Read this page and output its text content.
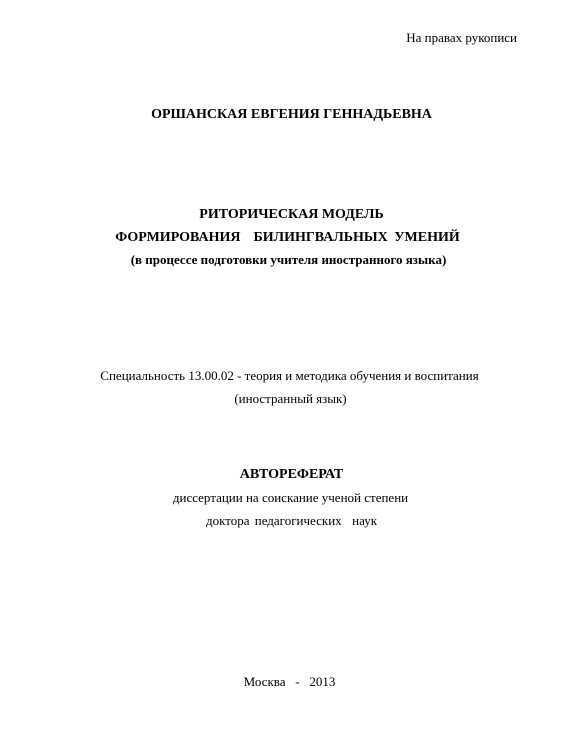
На правах рукописи
ОРШАНСКАЯ ЕВГЕНИЯ ГЕННАДЬЕВНА
РИТОРИЧЕСКАЯ МОДЕЛЬ
ФОРМИРОВАНИЯ  БИЛИНГВАЛЬНЫХ УМЕНИЙ
(в процессе подготовки учителя иностранного языка)
Специальность 13.00.02 - теория и методика обучения и воспитания
(иностранный язык)
АВТОРЕФЕРАТ
диссертации на соискание ученой степени
доктора педагогических  наук
Москва   -   2013
